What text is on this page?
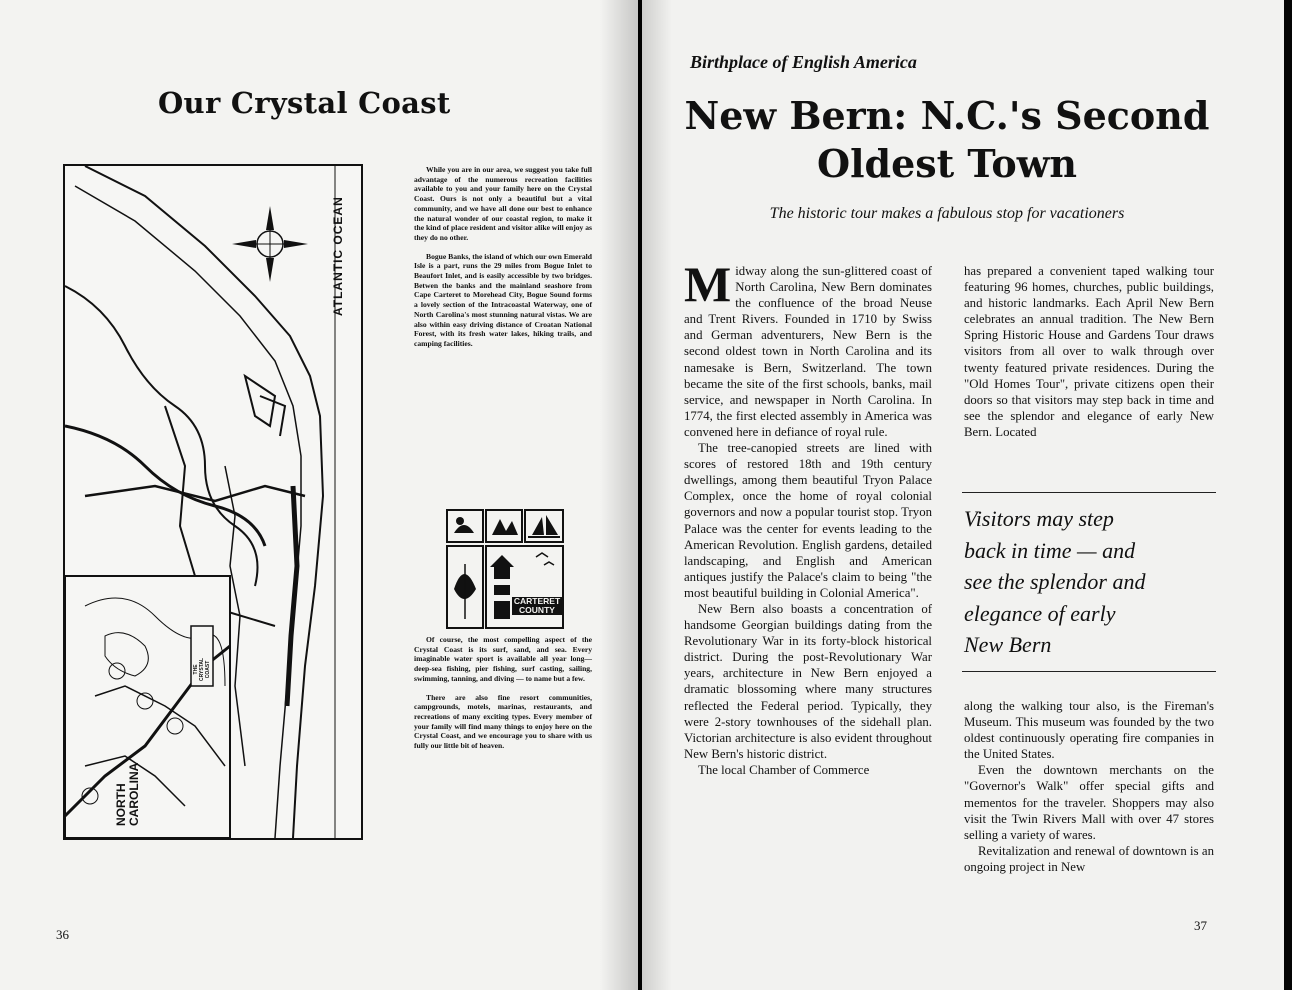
Our Crystal Coast
ATLANTIC OCEAN
NORTH CAROLINA
THE CRYSTAL COAST

While you are in our area, we suggest you take full advantage of the numerous recreation facilities available to you and your family here on the Crystal Coast. Ours is not only a beautiful but a vital community, and we have all done our best to enhance the natural wonder of our coastal region, to make it the kind of place resident and visitor alike will enjoy as they do no other.

Bogue Banks, the island of which our own Emerald Isle is a part, runs the 29 miles from Bogue Inlet to Beaufort Inlet, and is easily accessible by two bridges. Betwen the banks and the mainland seashore from Cape Carteret to Morehead City, Bogue Sound forms a lovely section of the Intracoastal Waterway, one of North Carolina's most stunning natural vistas. We are also within easy driving distance of Croatan National Forest, with its fresh water lakes, hiking trails, and camping facilities.

CARTERET
COUNTY

Of course, the most compelling aspect of the Crystal Coast is its surf, sand, and sea. Every imaginable water sport is available all year long— deep-sea fishing, pier fishing, surf casting, sailing, swimming, tanning, and diving — to name but a few.

There are also fine resort communities, campgrounds, motels, marinas, restaurants, and recreations of many exciting types. Every member of your family will find many things to enjoy here on the Crystal Coast, and we encourage you to share with us fully our little bit of heaven.

36
Birthplace of English America
New Bern: N.C.'s Second
Oldest Town
The historic tour makes a fabulous stop for vacationers

Midway along the sun-glittered coast of North Carolina, New Bern dominates the confluence of the broad Neuse and Trent Rivers. Founded in 1710 by Swiss and German adventurers, New Bern is the second oldest town in North Carolina and its namesake is Bern, Switzerland. The town became the site of the first schools, banks, mail service, and newspaper in North Carolina. In 1774, the first elected assembly in America was convened here in defiance of royal rule.

The tree-canopied streets are lined with scores of restored 18th and 19th century dwellings, among them beautiful Tryon Palace Complex, once the home of royal colonial governors and now a popular tourist stop. Tryon Palace was the center for events leading to the American Revolution. English gardens, detailed landscaping, and English and American antiques justify the Palace's claim to being "the most beautiful building in Colonial America".

New Bern also boasts a concentration of handsome Georgian buildings dating from the Revolutionary War in its forty-block historical district. During the post-Revolutionary War years, architecture in New Bern enjoyed a dramatic blossoming where many structures reflected the Federal period. Typically, they were 2-story townhouses of the sidehall plan. Victorian architecture is also evident throughout New Bern's historic district.

The local Chamber of Commerce

has prepared a convenient taped walking tour featuring 96 homes, churches, public buildings, and historic landmarks. Each April New Bern celebrates an annual tradition. The New Bern Spring Historic House and Gardens Tour draws visitors from all over to walk through over twenty featured private residences. During the "Old Homes Tour", private citizens open their doors so that visitors may step back in time and see the splendor and elegance of early New Bern. Located

Visitors may step
back in time — and
see the splendor and
elegance of early
New Bern

along the walking tour also, is the Fireman's Museum. This museum was founded by the two oldest continuously operating fire companies in the United States.

Even the downtown merchants on the "Governor's Walk" offer special gifts and mementos for the traveler. Shoppers may also visit the Twin Rivers Mall with over 47 stores selling a variety of wares.

Revitalization and renewal of downtown is an ongoing project in New

37
